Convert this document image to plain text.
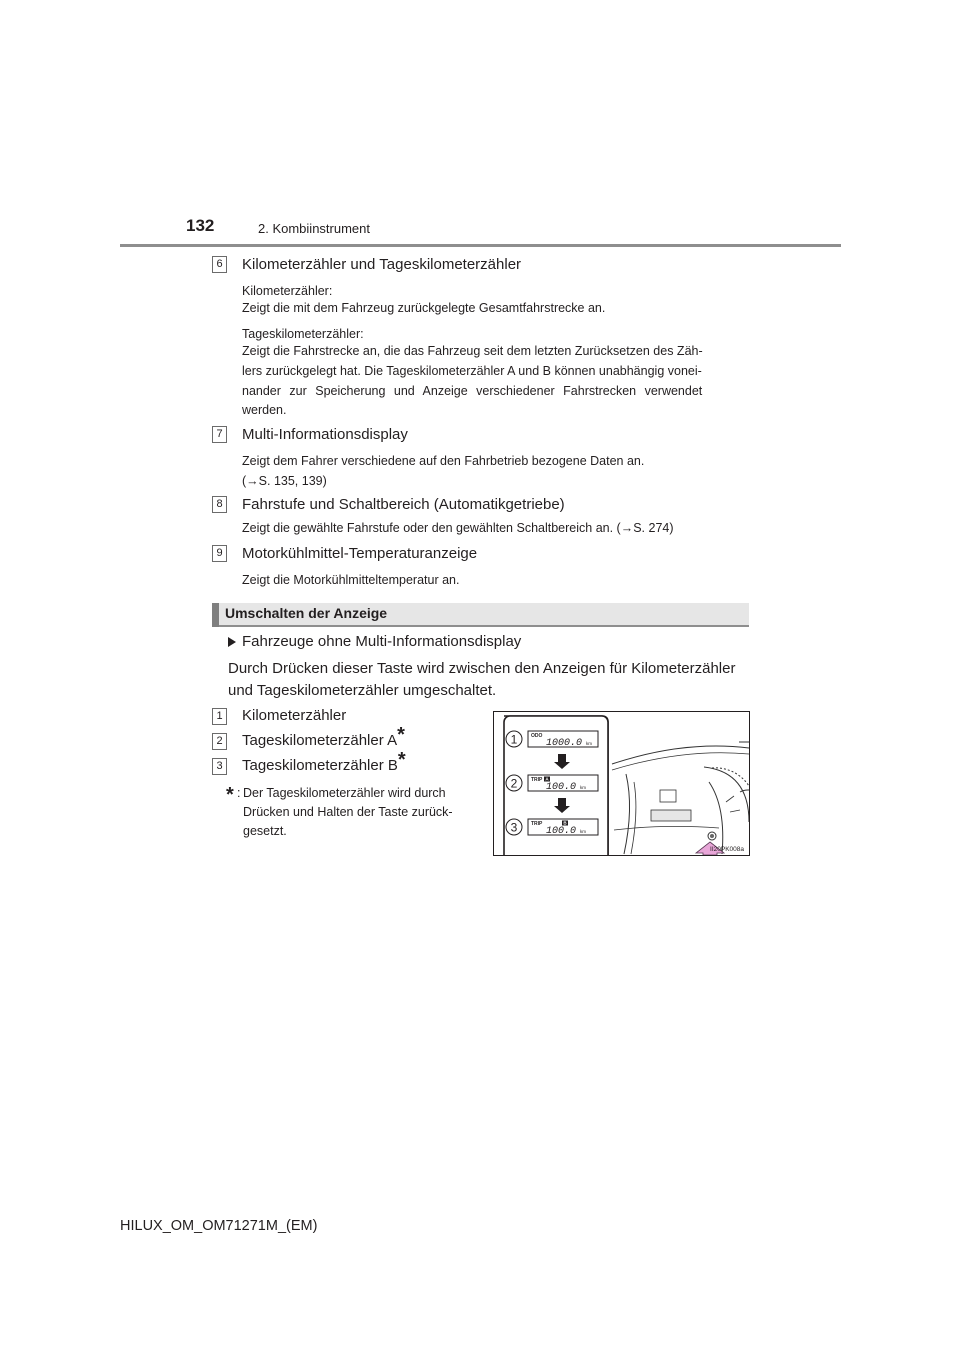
132	2. Kombiinstrument
6 Kilometerzähler und Tageskilometerzähler
Kilometerzähler:
Zeigt die mit dem Fahrzeug zurückgelegte Gesamtfahrstrecke an.
Tageskilometerzähler:
Zeigt die Fahrstrecke an, die das Fahrzeug seit dem letzten Zurücksetzen des Zäh-
lers zurückgelegt hat. Die Tageskilometerzähler A und B können unabhängig vonei-
nander zur Speicherung und Anzeige verschiedener Fahrstrecken verwendet
werden.
7 Multi-Informationsdisplay
Zeigt dem Fahrer verschiedene auf den Fahrbetrieb bezogene Daten an.
(→S. 135, 139)
8 Fahrstufe und Schaltbereich (Automatikgetriebe)
Zeigt die gewählte Fahrstufe oder den gewählten Schaltbereich an. (→S. 274)
9 Motorkühlmittel-Temperaturanzeige
Zeigt die Motorkühlmitteltemperatur an.
Umschalten der Anzeige
Fahrzeuge ohne Multi-Informationsdisplay
Durch Drücken dieser Taste wird zwischen den Anzeigen für Kilometerzähler
und Tageskilometerzähler umgeschaltet.
1 Kilometerzähler
2 Tageskilometerzähler A*
3 Tageskilometerzähler B*
* : Der Tageskilometerzähler wird durch
Drücken und Halten der Taste zurück-
gesetzt.
1
2
3
ODO
1000.0 km
TRIP A
100.0 km
TRIP	B
100.0 km
II20PK008a
HILUX_OM_OM71271M_(EM)
